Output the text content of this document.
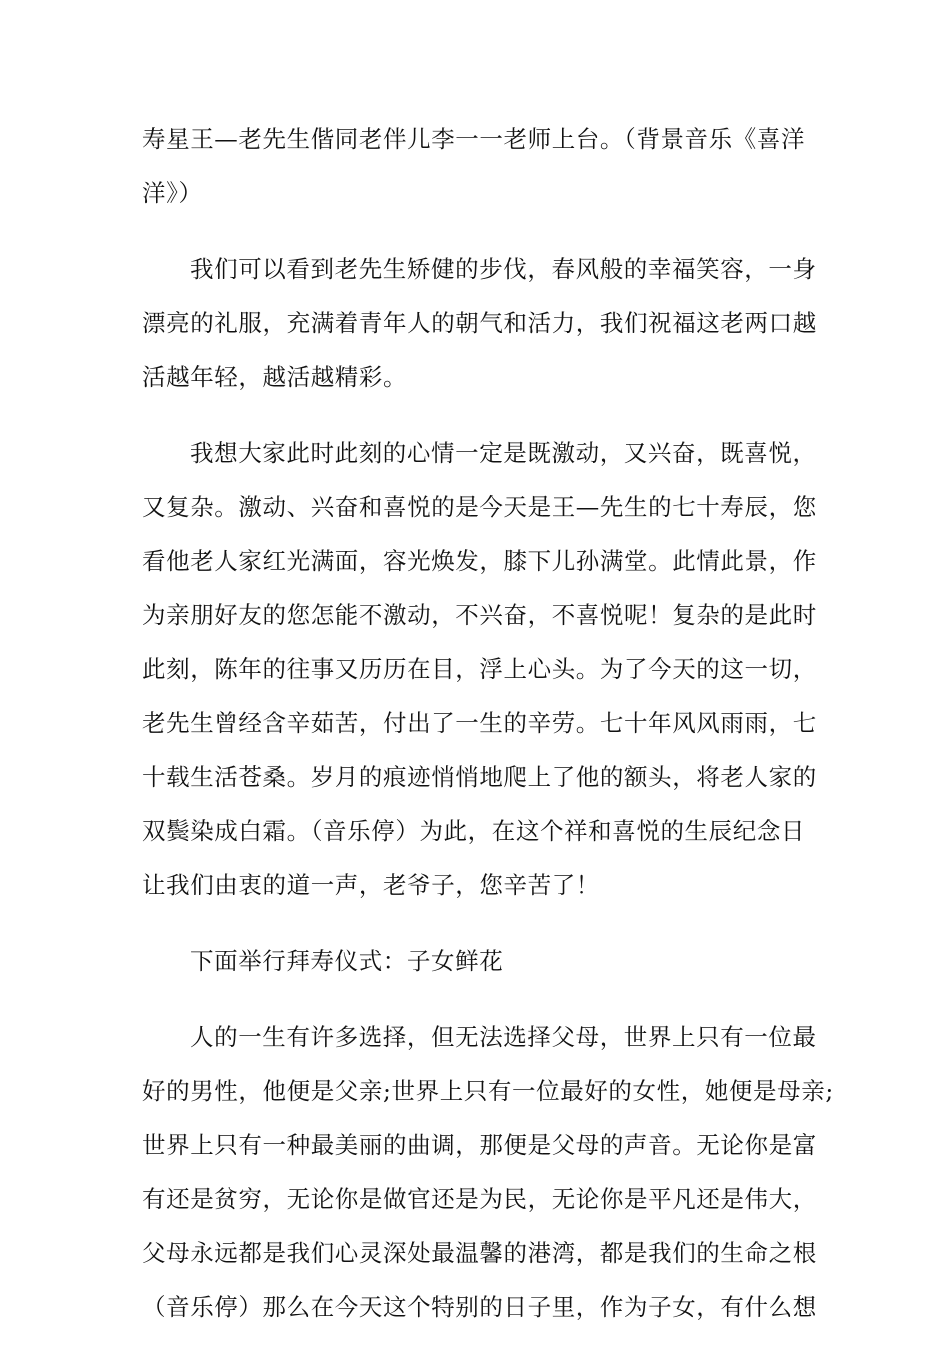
寿星王—老先生偕同老伴儿李一一老师上台。（背景音乐《喜洋
洋》）
我们可以看到老先生矫健的步伐，春风般的幸福笑容，一身
漂亮的礼服，充满着青年人的朝气和活力，我们祝福这老两口越
活越年轻，越活越精彩。
我想大家此时此刻的心情一定是既激动，又兴奋，既喜悦，
又复杂。激动、兴奋和喜悦的是今天是王—先生的七十寿辰，您
看他老人家红光满面，容光焕发，膝下儿孙满堂。此情此景，作
为亲朋好友的您怎能不激动，不兴奋，不喜悦呢！复杂的是此时
此刻，陈年的往事又历历在目，浮上心头。为了今天的这一切，
老先生曾经含辛茹苦，付出了一生的辛劳。七十年风风雨雨，七
十载生活苍桑。岁月的痕迹悄悄地爬上了他的额头，将老人家的
双鬓染成白霜。（音乐停）为此，在这个祥和喜悦的生辰纪念日
让我们由衷的道一声，老爷子，您辛苦了！
下面举行拜寿仪式：子女鲜花
人的一生有许多选择，但无法选择父母，世界上只有一位最
好的男性，他便是父亲;世界上只有一位最好的女性，她便是母亲;
世界上只有一种最美丽的曲调，那便是父母的声音。无论你是富
有还是贫穷，无论你是做官还是为民，无论你是平凡还是伟大，
父母永远都是我们心灵深处最温馨的港湾，都是我们的生命之根
（音乐停）那么在今天这个特别的日子里，作为子女，有什么想
